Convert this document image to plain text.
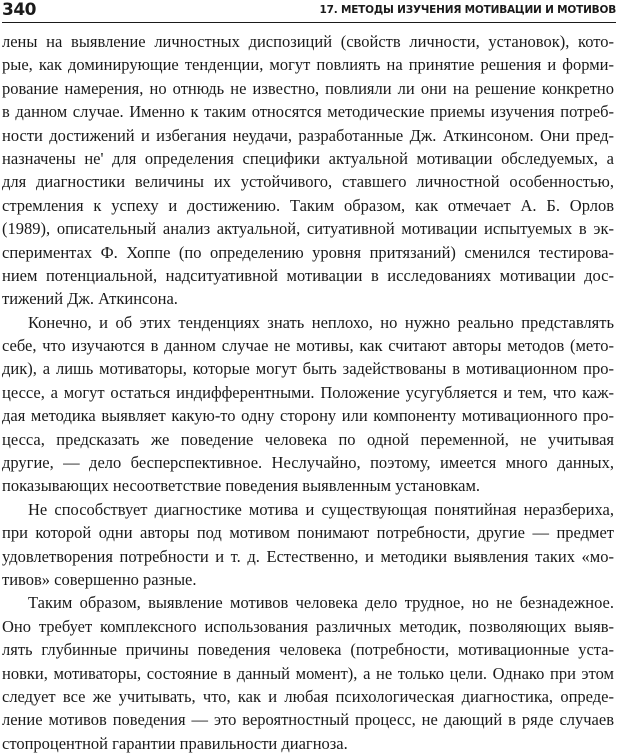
340	17. МЕТОДЫ ИЗУЧЕНИЯ МОТИВАЦИИ И МОТИВОВ
лены на выявление личностных диспозиций (свойств личности, установок), кото-
рые, как доминирующие тенденции, могут повлиять на принятие решения и форми-
рование намерения, но отнюдь не известно, повлияли ли они на решение конкретно
в данном случае. Именно к таким относятся методические приемы изучения потреб-
ности достижений и избегания неудачи, разработанные Дж. Аткинсоном. Они пред-
назначены не' для определения специфики актуальной мотивации обследуемых, а
для диагностики величины их устойчивого, ставшего личностной особенностью,
стремления к успеху и достижению. Таким образом, как отмечает А. Б. Орлов
(1989), описательный анализ актуальной, ситуативной мотивации испытуемых в эк-
спериментах Ф. Хоппе (по определению уровня притязаний) сменился тестирова-
нием потенциальной, надситуативной мотивации в исследованиях мотивации дос-
тижений Дж. Аткинсона.
Конечно, и об этих тенденциях знать неплохо, но нужно реально представлять
себе, что изучаются в данном случае не мотивы, как считают авторы методов (мето-
дик), а лишь мотиваторы, которые могут быть задействованы в мотивационном про-
цессе, а могут остаться индифферентными. Положение усугубляется и тем, что каж-
дая методика выявляет какую-то одну сторону или компоненту мотивационного про-
цесса, предсказать же поведение человека по одной переменной, не учитывая
другие, — дело бесперспективное. Неслучайно, поэтому, имеется много данных,
показывающих несоответствие поведения выявленным установкам.
Не способствует диагностике мотива и существующая понятийная неразбериха,
при которой одни авторы под мотивом понимают потребности, другие — предмет
удовлетворения потребности и т. д. Естественно, и методики выявления таких «мо-
тивов» совершенно разные.
Таким образом, выявление мотивов человека дело трудное, но не безнадежное.
Оно требует комплексного использования различных методик, позволяющих выяв-
лять глубинные причины поведения человека (потребности, мотивационные уста-
новки, мотиваторы, состояние в данный момент), а не только цели. Однако при этом
следует все же учитывать, что, как и любая психологическая диагностика, опреде-
ление мотивов поведения — это вероятностный процесс, не дающий в ряде случаев
стопроцентной гарантии правильности диагноза.
